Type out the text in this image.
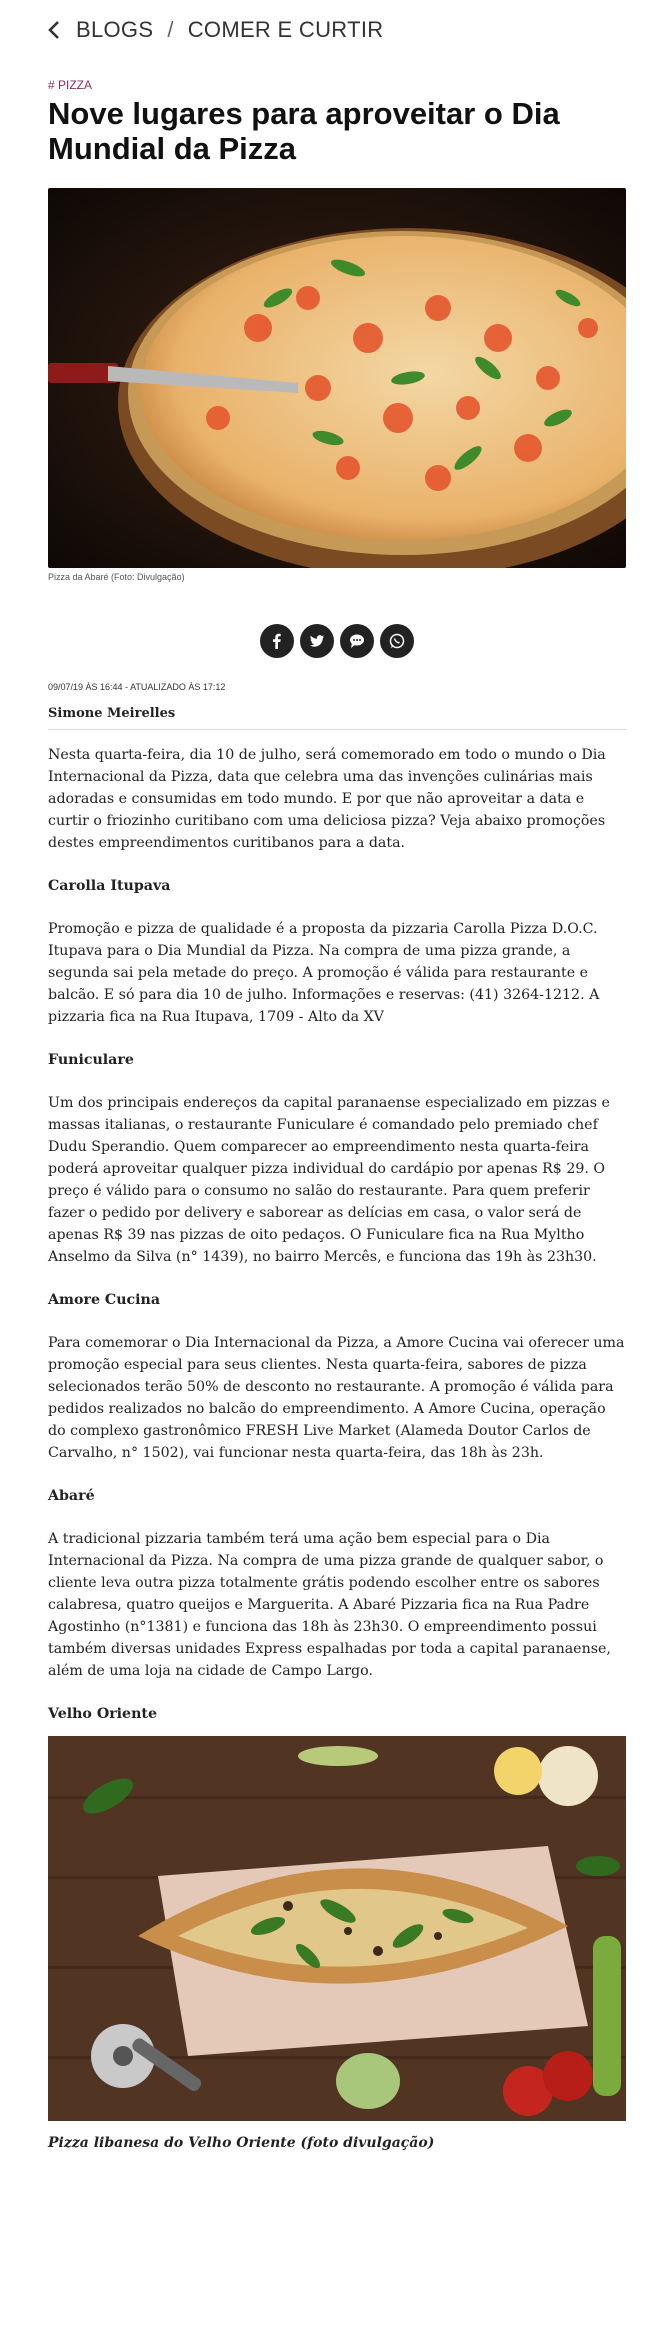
BLOGS / COMER E CURTIR
# PIZZA
Nove lugares para aproveitar o Dia Mundial da Pizza
Pizza da Abaré (Foto: Divulgação)
09/07/19 ÀS 16:44 - ATUALIZADO ÀS 17:12
Simone Meirelles

Nesta quarta-feira, dia 10 de julho, será comemorado em todo o mundo o Dia Internacional da Pizza, data que celebra uma das invenções culinárias mais adoradas e consumidas em todo mundo. E por que não aproveitar a data e curtir o friozinho curitibano com uma deliciosa pizza? Veja abaixo promoções destes empreendimentos curitibanos para a data.

Carolla Itupava

Promoção e pizza de qualidade é a proposta da pizzaria Carolla Pizza D.O.C. Itupava para o Dia Mundial da Pizza. Na compra de uma pizza grande, a segunda sai pela metade do preço. A promoção é válida para restaurante e balcão. E só para dia 10 de julho. Informações e reservas: (41) 3264-1212. A pizzaria fica na Rua Itupava, 1709 - Alto da XV

Funiculare

Um dos principais endereços da capital paranaense especializado em pizzas e massas italianas, o restaurante Funiculare é comandado pelo premiado chef Dudu Sperandio. Quem comparecer ao empreendimento nesta quarta-feira poderá aproveitar qualquer pizza individual do cardápio por apenas R$ 29. O preço é válido para o consumo no salão do restaurante. Para quem preferir fazer o pedido por delivery e saborear as delícias em casa, o valor será de apenas R$ 39 nas pizzas de oito pedaços. O Funiculare fica na Rua Myltho Anselmo da Silva (n° 1439), no bairro Mercês, e funciona das 19h às 23h30.

Amore Cucina

Para comemorar o Dia Internacional da Pizza, a Amore Cucina vai oferecer uma promoção especial para seus clientes. Nesta quarta-feira, sabores de pizza selecionados terão 50% de desconto no restaurante. A promoção é válida para pedidos realizados no balcão do empreendimento. A Amore Cucina, operação do complexo gastronômico FRESH Live Market (Alameda Doutor Carlos de Carvalho, n° 1502), vai funcionar nesta quarta-feira, das 18h às 23h.

Abaré

A tradicional pizzaria também terá uma ação bem especial para o Dia Internacional da Pizza. Na compra de uma pizza grande de qualquer sabor, o cliente leva outra pizza totalmente grátis podendo escolher entre os sabores calabresa, quatro queijos e Marguerita. A Abaré Pizzaria fica na Rua Padre Agostinho (n°1381) e funciona das 18h às 23h30. O empreendimento possui também diversas unidades Express espalhadas por toda a capital paranaense, além de uma loja na cidade de Campo Largo.

Velho Oriente
Pizza libanesa do Velho Oriente (foto divulgação)
